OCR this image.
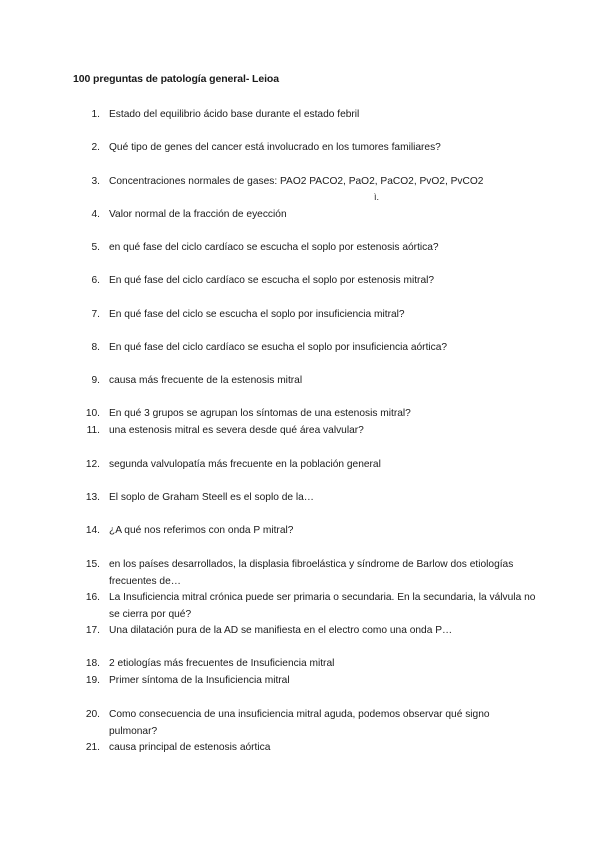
100 preguntas de patología general- Leioa
1. Estado del equilibrio ácido base durante el estado febril
2. Qué tipo de genes del cancer está involucrado en los tumores familiares?
3. Concentraciones normales de gases: PAO2 PACO2, PaO2, PaCO2, PvO2, PvCO2
4. Valor normal de la fracción de eyección
5. en qué fase del ciclo cardíaco se escucha el soplo por estenosis aórtica?
6. En qué fase del ciclo cardíaco se escucha el soplo por estenosis mitral?
7. En qué fase del ciclo se escucha el soplo por insuficiencia mitral?
8. En qué fase del ciclo cardíaco se esucha el soplo por insuficiencia aórtica?
9. causa más frecuente de la estenosis mitral
10. En qué 3 grupos se agrupan los síntomas de una estenosis mitral?
11. una estenosis mitral es severa desde qué área valvular?
12. segunda valvulopatía más frecuente en la población general
13. El soplo de Graham Steell es el soplo de la…
14. ¿A qué nos referimos con onda P mitral?
15. en los países desarrollados, la displasia fibroelástica y síndrome de Barlow dos etiologías frecuentes de…
16. La Insuficiencia mitral crónica puede ser primaria o secundaria. En la secundaria, la válvula no se cierra por qué?
17. Una dilatación pura de la AD se manifiesta en el electro como una onda P…
18. 2 etiologías más frecuentes de Insuficiencia mitral
19. Primer síntoma de la Insuficiencia mitral
20. Como consecuencia de una insuficiencia mitral aguda, podemos observar qué signo pulmonar?
21. causa principal de estenosis aórtica
ì.
